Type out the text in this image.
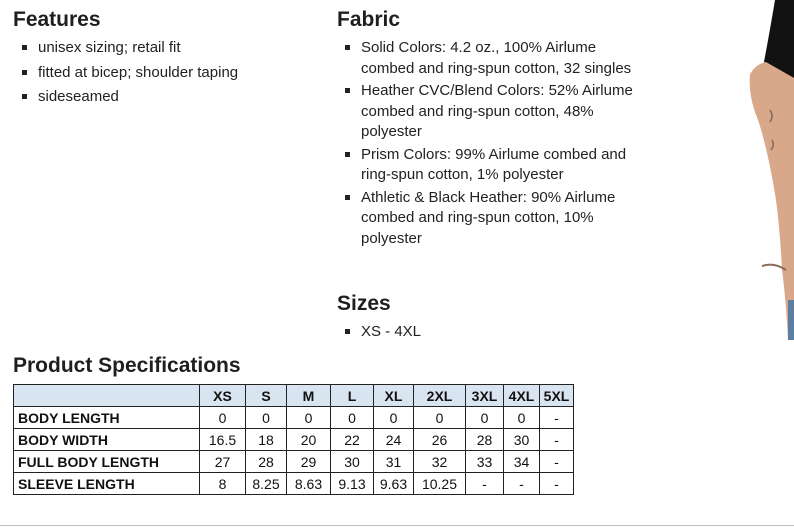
Features
unisex sizing; retail fit
fitted at bicep; shoulder taping
sideseamed
Fabric
Solid Colors: 4.2 oz., 100% Airlume combed and ring-spun cotton, 32 singles
Heather CVC/Blend Colors: 52% Airlume combed and ring-spun cotton, 48% polyester
Prism Colors: 99% Airlume combed and ring-spun cotton, 1% polyester
Athletic & Black Heather: 90% Airlume combed and ring-spun cotton, 10% polyester
Sizes
XS - 4XL
Product Specifications
	XS	S	M	L	XL	2XL	3XL	4XL	5XL
BODY LENGTH	0	0	0	0	0	0	0	0	-
BODY WIDTH	16.5	18	20	22	24	26	28	30	-
FULL BODY LENGTH	27	28	29	30	31	32	33	34	-
SLEEVE LENGTH	8	8.25	8.63	9.13	9.63	10.25	-	-	-
